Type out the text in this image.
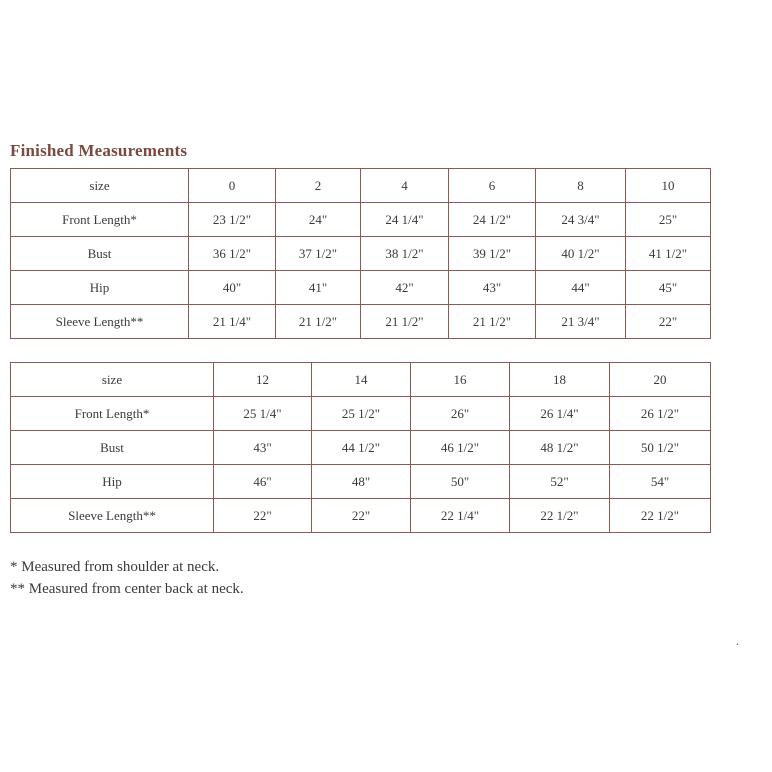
Finished Measurements
size	0	2	4	6	8	10
Front Length*	23 1/2"	24"	24 1/4"	24 1/2"	24 3/4"	25"
Bust	36 1/2"	37 1/2"	38 1/2"	39 1/2"	40 1/2"	41 1/2"
Hip	40"	41"	42"	43"	44"	45"
Sleeve Length**	21 1/4"	21 1/2"	21 1/2"	21 1/2"	21 3/4"	22"
size	12	14	16	18	20
Front Length*	25 1/4"	25 1/2"	26"	26 1/4"	26 1/2"
Bust	43"	44 1/2"	46 1/2"	48 1/2"	50 1/2"
Hip	46"	48"	50"	52"	54"
Sleeve Length**	22"	22"	22 1/4"	22 1/2"	22 1/2"
* Measured from shoulder at neck.
** Measured from center back at neck.
.
